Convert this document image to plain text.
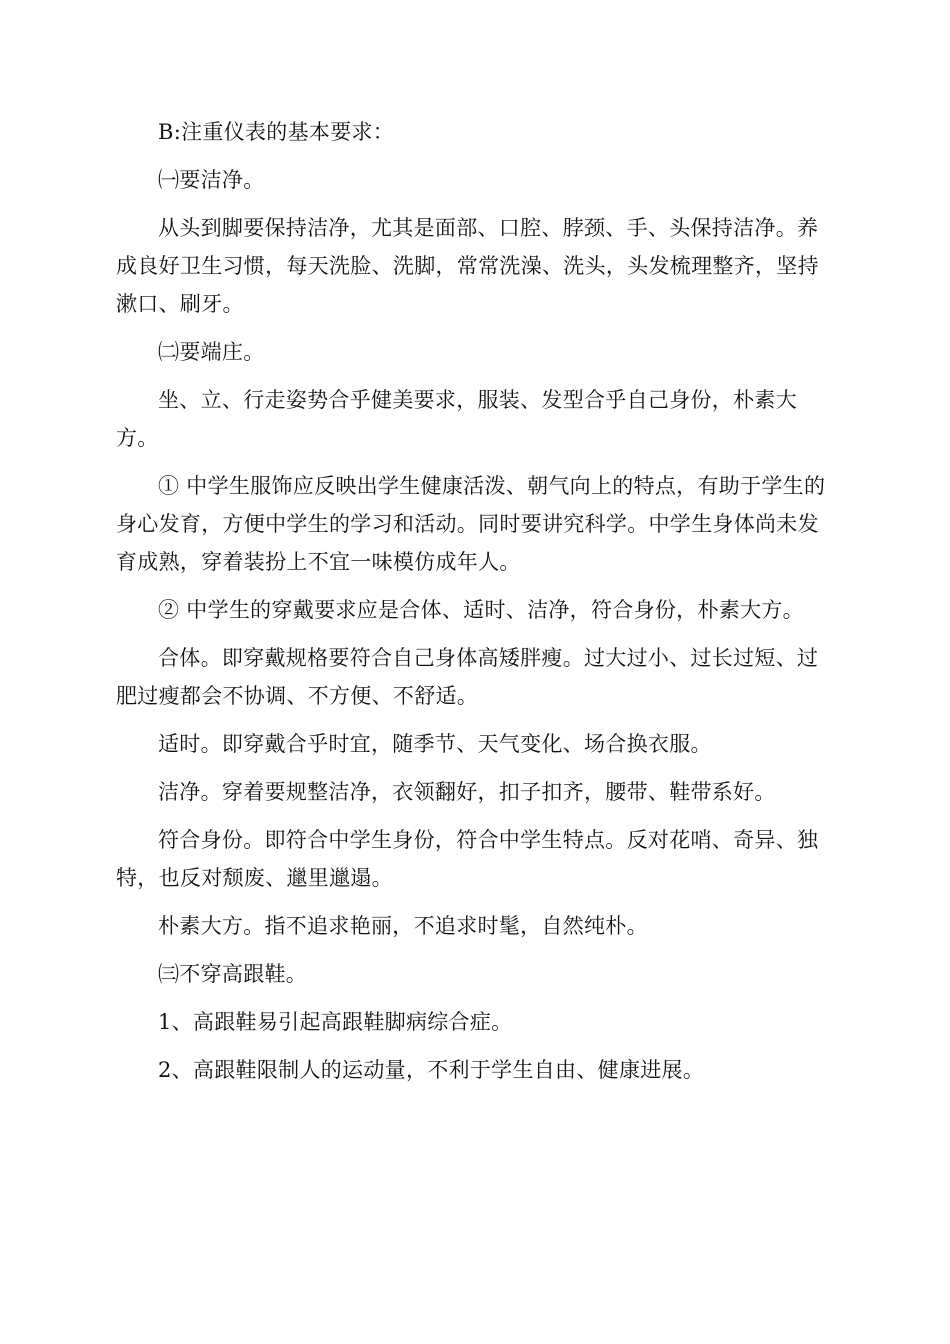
B:注重仪表的基本要求：

㈠要洁净。

从头到脚要保持洁净，尤其是面部、口腔、脖颈、手、头保持洁净。养成良好卫生习惯，每天洗脸、洗脚，常常洗澡、洗头，头发梳理整齐，坚持漱口、刷牙。

㈡要端庄。

坐、立、行走姿势合乎健美要求，服装、发型合乎自己身份，朴素大方。

① 中学生服饰应反映出学生健康活泼、朝气向上的特点，有助于学生的身心发育，方便中学生的学习和活动。同时要讲究科学。中学生身体尚未发育成熟，穿着装扮上不宜一味模仿成年人。

② 中学生的穿戴要求应是合体、适时、洁净，符合身份，朴素大方。

合体。即穿戴规格要符合自己身体高矮胖瘦。过大过小、过长过短、过肥过瘦都会不协调、不方便、不舒适。

适时。即穿戴合乎时宜，随季节、天气变化、场合换衣服。

洁净。穿着要规整洁净，衣领翻好，扣子扣齐，腰带、鞋带系好。

符合身份。即符合中学生身份，符合中学生特点。反对花哨、奇异、独特，也反对颓废、邋里邋遢。

朴素大方。指不追求艳丽，不追求时髦，自然纯朴。

㈢不穿高跟鞋。

1、高跟鞋易引起高跟鞋脚病综合症。

2、高跟鞋限制人的运动量，不利于学生自由、健康进展。
